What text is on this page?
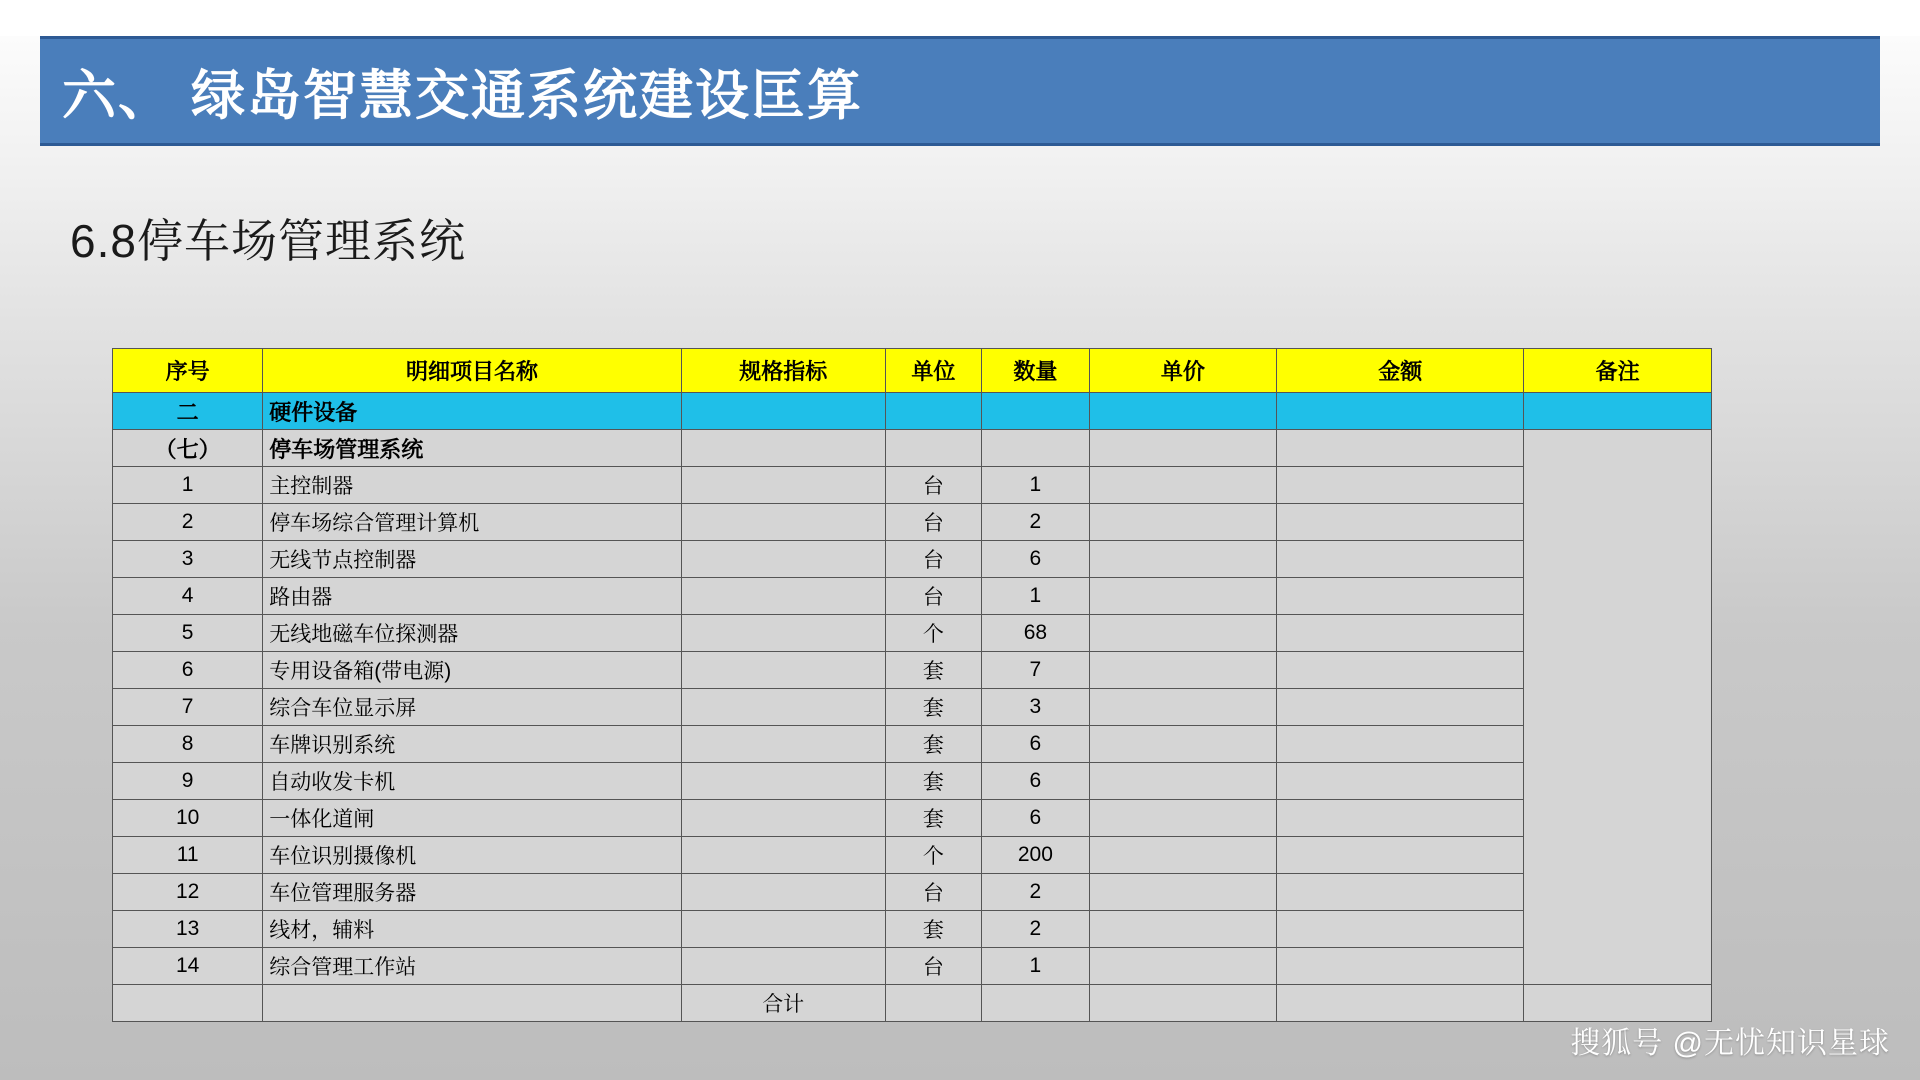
六、 绿岛智慧交通系统建设匡算
6.8停车场管理系统
序号	明细项目名称	规格指标	单位	数量	单价	金额	备注
二	硬件设备						
（七）	停车场管理系统						
1	主控制器		台	1			
2	停车场综合管理计算机		台	2			
3	无线节点控制器		台	6			
4	路由器		台	1			
5	无线地磁车位探测器		个	68			
6	专用设备箱(带电源)		套	7			
7	综合车位显示屏		套	3			
8	车牌识别系统		套	6			
9	自动收发卡机		套	6			
10	一体化道闸		套	6			
11	车位识别摄像机		个	200			
12	车位管理服务器		台	2			
13	线材，辅料		套	2			
14	综合管理工作站		台	1			
		合计					
搜狐号 @无忧知识星球
